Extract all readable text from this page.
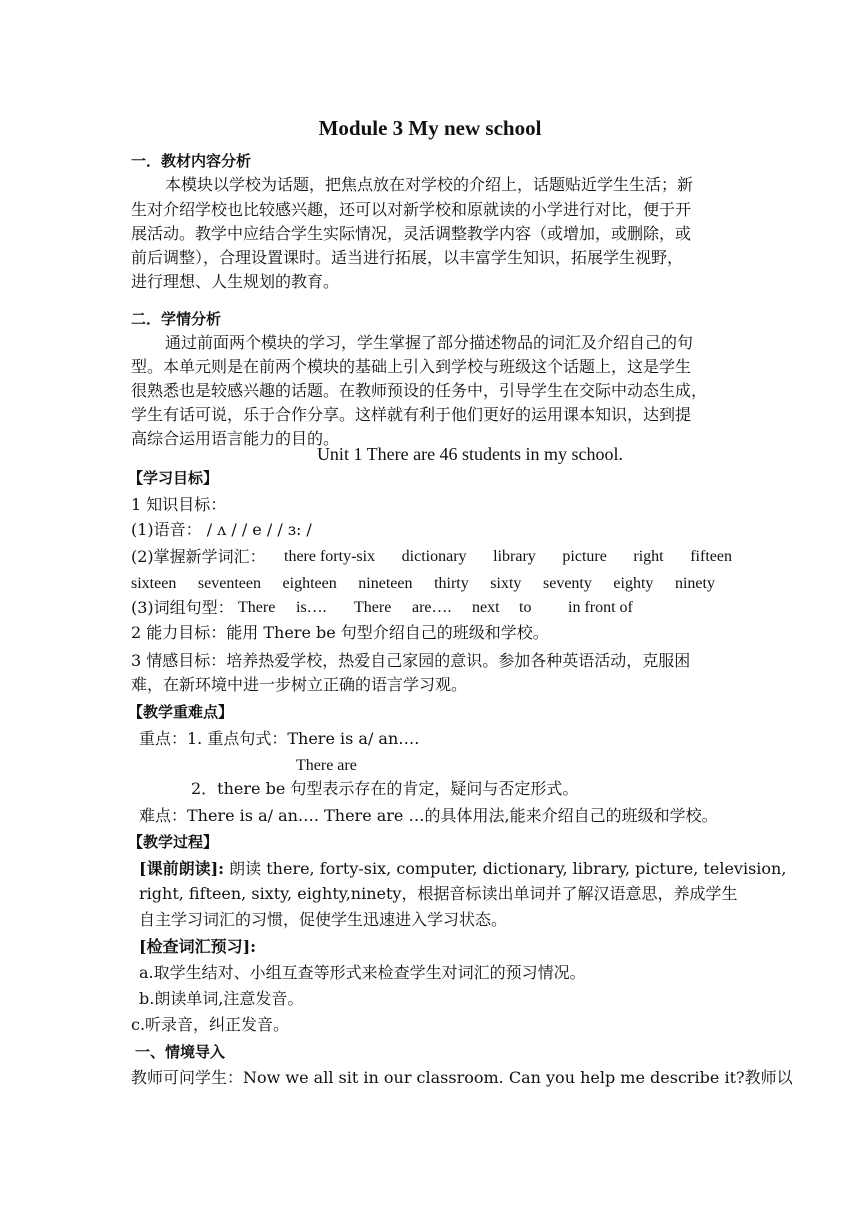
Module 3 My new school
一．教材内容分析
本模块以学校为话题，把焦点放在对学校的介绍上，话题贴近学生生活；新
生对介绍学校也比较感兴趣，还可以对新学校和原就读的小学进行对比，便于开
展活动。教学中应结合学生实际情况，灵活调整教学内容（或增加，或删除，或
前后调整），合理设置课时。适当进行拓展，以丰富学生知识，拓展学生视野，
进行理想、人生规划的教育。
二．学情分析
通过前面两个模块的学习，学生掌握了部分描述物品的词汇及介绍自己的句
型。本单元则是在前两个模块的基础上引入到学校与班级这个话题上，这是学生
很熟悉也是较感兴趣的话题。在教师预设的任务中，引导学生在交际中动态生成，
学生有话可说，乐于合作分享。这样就有利于他们更好的运用课本知识，达到提
高综合运用语言能力的目的。
Unit 1 There are 46 students in my school.
【学习目标】
1 知识目标：
(1)语音： / ʌ / / e / / ɜ: /
(2)掌握新学词汇： there forty-six dictionary library picture right fifteen
sixteen seventeen eighteen nineteen thirty sixty seventy eighty ninety
(3)词组句型： There is…. There are…. next to in front of
2 能力目标：能用 There be 句型介绍自己的班级和学校。
3 情感目标：培养热爱学校，热爱自己家园的意识。参加各种英语活动，克服困
难，在新环境中进一步树立正确的语言学习观。
【教学重难点】
重点：1. 重点句式：There is a/ an….
There are
2．there be 句型表示存在的肯定，疑问与否定形式。
难点：There is a/ an…. There are …的具体用法,能来介绍自己的班级和学校。
【教学过程】
[课前朗读]: 朗读 there, forty-six, computer, dictionary, library, picture, television,
right, fifteen, sixty, eighty,ninety，根据音标读出单词并了解汉语意思，养成学生
自主学习词汇的习惯，促使学生迅速进入学习状态。
[检查词汇预习]:
a.取学生结对、小组互查等形式来检查学生对词汇的预习情况。
b.朗读单词,注意发音。
c.听录音，纠正发音。
一、情境导入
教师可问学生：Now we all sit in our classroom. Can you help me describe it?教师以
